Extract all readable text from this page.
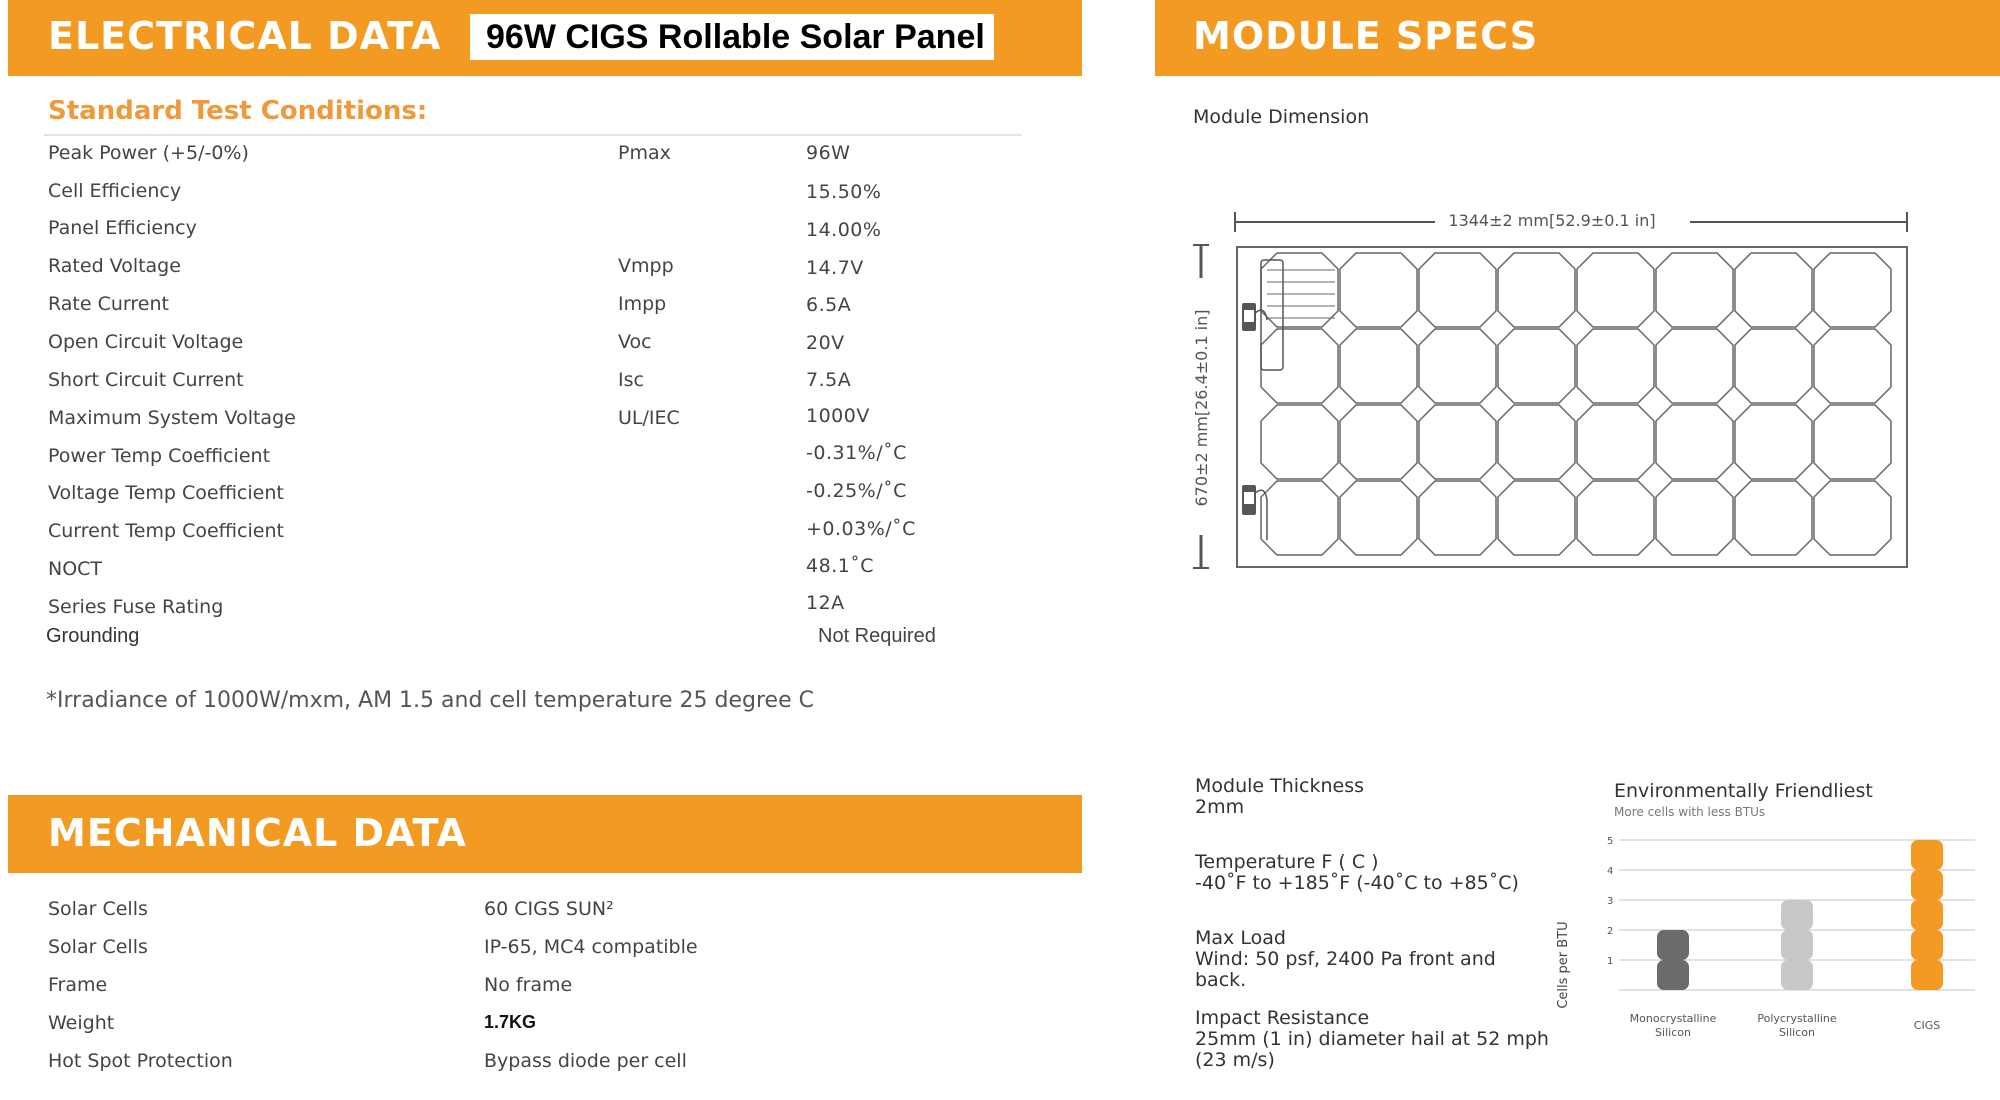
ELECTRICAL DATA	96W CIGS Rollable Solar Panel	MODULE SPECS
Standard Test Conditions:
Peak Power (+5/-0%)	Pmax	96W
Cell Efficiency	15.50%
Panel Efficiency	14.00%
Rated Voltage	Vmpp	14.7V
Rate Current	Impp	6.5A
Open Circuit Voltage	Voc	20V
Short Circuit Current	Isc	7.5A
Maximum System Voltage	UL/IEC	1000V
Power Temp Coefficient	-0.31%/˚C
Voltage Temp Coefficient	-0.25%/˚C
Current Temp Coefficient	+0.03%/˚C
NOCT	48.1˚C
Series Fuse Rating	12A
Grounding	Not Required
*Irradiance of 1000W/mxm, AM 1.5 and cell temperature 25 degree C
MECHANICAL DATA
Solar Cells	60 CIGS SUN²
Solar Cells	IP-65, MC4 compatible
Frame	No frame
Weight	1.7KG
Hot Spot Protection	Bypass diode per cell
Module Dimension
1344±2 mm[52.9±0.1 in]
670±2 mm[26.4±0.1 in]
Module Thickness
2mm
Temperature F ( C )
-40˚F to +185˚F (-40˚C to +85˚C)
Max Load
Wind: 50 psf, 2400 Pa front and
back.
Impact Resistance
25mm (1 in) diameter hail at 52 mph
(23 m/s)
Environmentally Friendliest
More cells with less BTUs
Cells per BTU	1
2
3
4
5
Monocrystalline
Silicon
Polycrystalline
Silicon
CIGS
